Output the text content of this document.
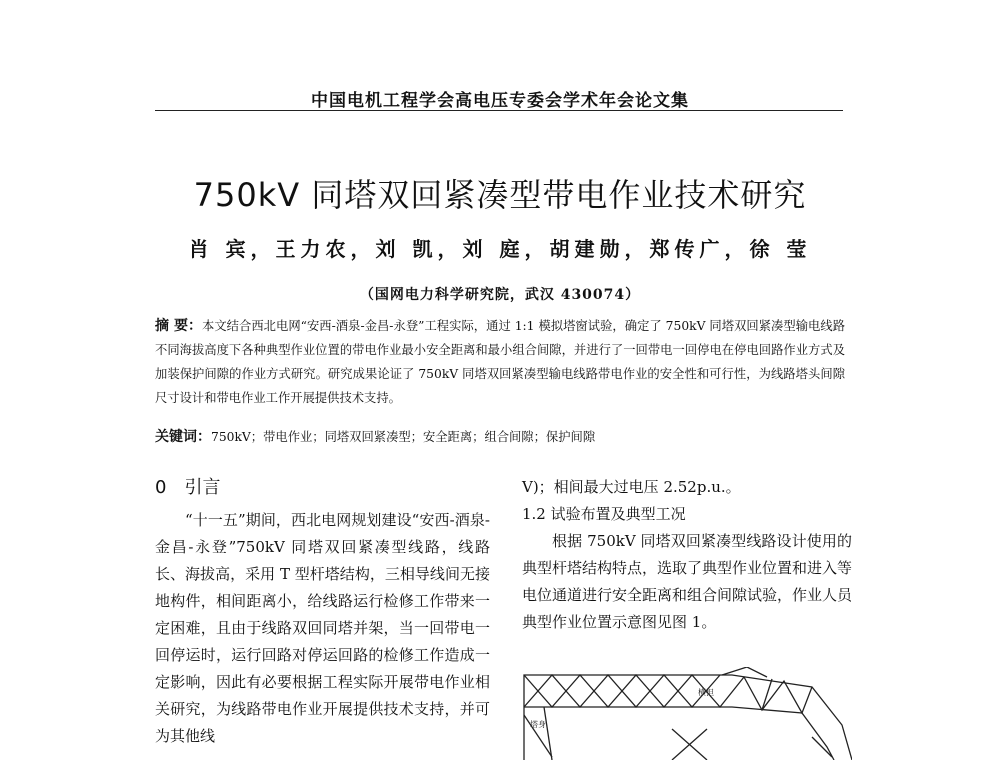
中国电机工程学会高电压专委会学术年会论文集
750kV 同塔双回紧凑型带电作业技术研究
肖 宾，王力农，刘 凯，刘 庭，胡建勋，郑传广，徐 莹
（国网电力科学研究院，武汉 430074）
摘 要：本文结合西北电网“安西-酒泉-金昌-永登”工程实际，通过 1:1 模拟塔窗试验，确定了 750kV 同塔双回紧凑型输电线路不同海拔高度下各种典型作业位置的带电作业最小安全距离和最小组合间隙，并进行了一回带电一回停电在停电回路作业方式及加装保护间隙的作业方式研究。研究成果论证了 750kV 同塔双回紧凑型输电线路带电作业的安全性和可行性，为线路塔头间隙尺寸设计和带电作业工作开展提供技术支持。
关键词：750kV；带电作业；同塔双回紧凑型；安全距离；组合间隙；保护间隙
0　引言

“十一五”期间，西北电网规划建设“安西-酒泉-金昌-永登”750kV 同塔双回紧凑型线路，线路长、海拔高，采用 T 型杆塔结构，三相导线间无接地构件，相间距离小，给线路运行检修工作带来一定困难，且由于线路双回同塔并架，当一回带电一回停运时，运行回路对停运回路的检修工作造成一定影响，因此有必要根据工程实际开展带电作业相关研究，为线路带电作业开展提供技术支持，并可为其他线

V)；相间最大过电压 2.52p.u.。

1.2 试验布置及典型工况

根据 750kV 同塔双回紧凑型线路设计使用的典型杆塔结构特点，选取了典型作业位置和进入等电位通道进行安全距离和组合间隙试验，作业人员典型作业位置示意图见图 1。

横担
塔身
